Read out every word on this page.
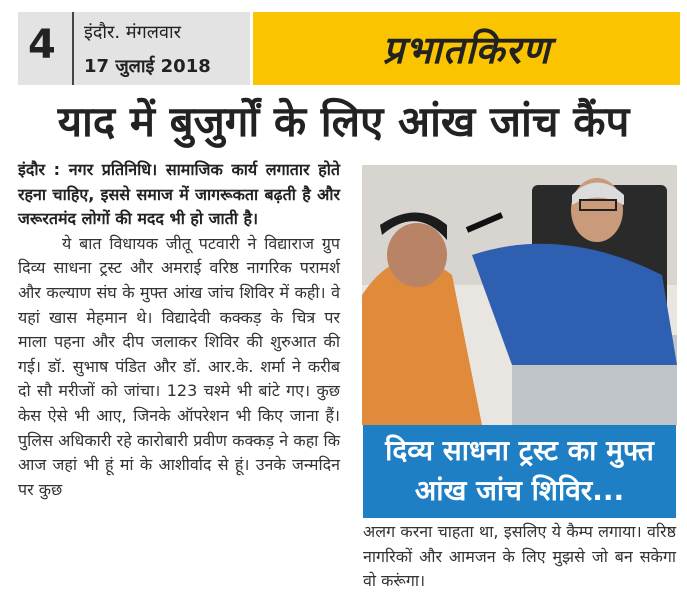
4 इंदौर. मंगलवार
17 जुलाई 2018	प्रभातकिरण
याद में बुजुर्गों के लिए आंख जांच कैंप

इंदौर : नगर प्रतिनिधि। सामाजिक कार्य लगातार होते रहना चाहिए, इससे समाज में जागरूकता बढ़ती है और जरूरतमंद लोगों की मदद भी हो जाती है।

ये बात विधायक जीतू पटवारी ने विद्याराज ग्रुप दिव्य साधना ट्रस्ट और अमराई वरिष्ठ नागरिक परामर्श और कल्याण संघ के मुफ्त आंख जांच शिविर में कही। वे यहां खास मेहमान थे। विद्यादेवी कक्कड़ के चित्र पर माला पहना और दीप जलाकर शिविर की शुरुआत की गई। डॉ. सुभाष पंडित और डॉ. आर.के. शर्मा ने करीब दो सौ मरीजों को जांचा। 123 चश्मे भी बांटे गए। कुछ केस ऐसे भी आए, जिनके ऑपरेशन भी किए जाना हैं। पुलिस अधिकारी रहे कारोबारी प्रवीण कक्कड़ ने कहा कि आज जहां भी हूं मां के आशीर्वाद से हूं। उनके जन्मदिन पर कुछ

दिव्य साधना ट्रस्ट का मुफ्त आंख जांच शिविर...
अलग करना चाहता था, इसलिए ये कैम्प लगाया। वरिष्ठ नागरिकों और आमजन के लिए मुझसे जो बन सकेगा वो करूंगा।
